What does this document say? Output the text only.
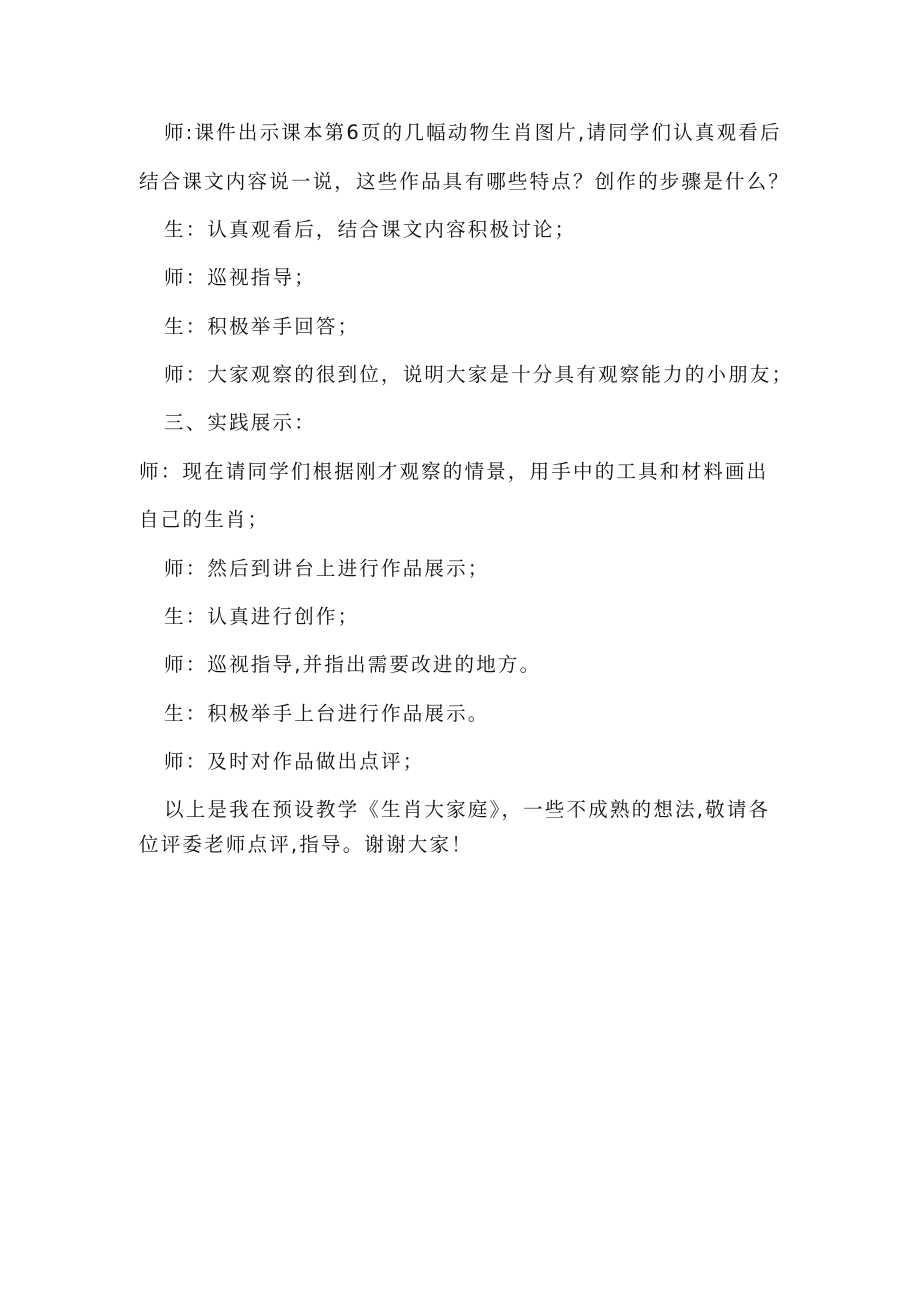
师:课件出示课本第6页的几幅动物生肖图片,请同学们认真观看后
结合课文内容说一说，这些作品具有哪些特点？创作的步骤是什么？
生：认真观看后，结合课文内容积极讨论；
师：巡视指导；
生：积极举手回答；
师：大家观察的很到位，说明大家是十分具有观察能力的小朋友；
三、实践展示：
师：现在请同学们根据刚才观察的情景，用手中的工具和材料画出
自己的生肖；
师：然后到讲台上进行作品展示；
生：认真进行创作；
师：巡视指导,并指出需要改进的地方。
生：积极举手上台进行作品展示。
师：及时对作品做出点评；
以上是我在预设教学《生肖大家庭》，一些不成熟的想法,敬请各
位评委老师点评,指导。谢谢大家！
